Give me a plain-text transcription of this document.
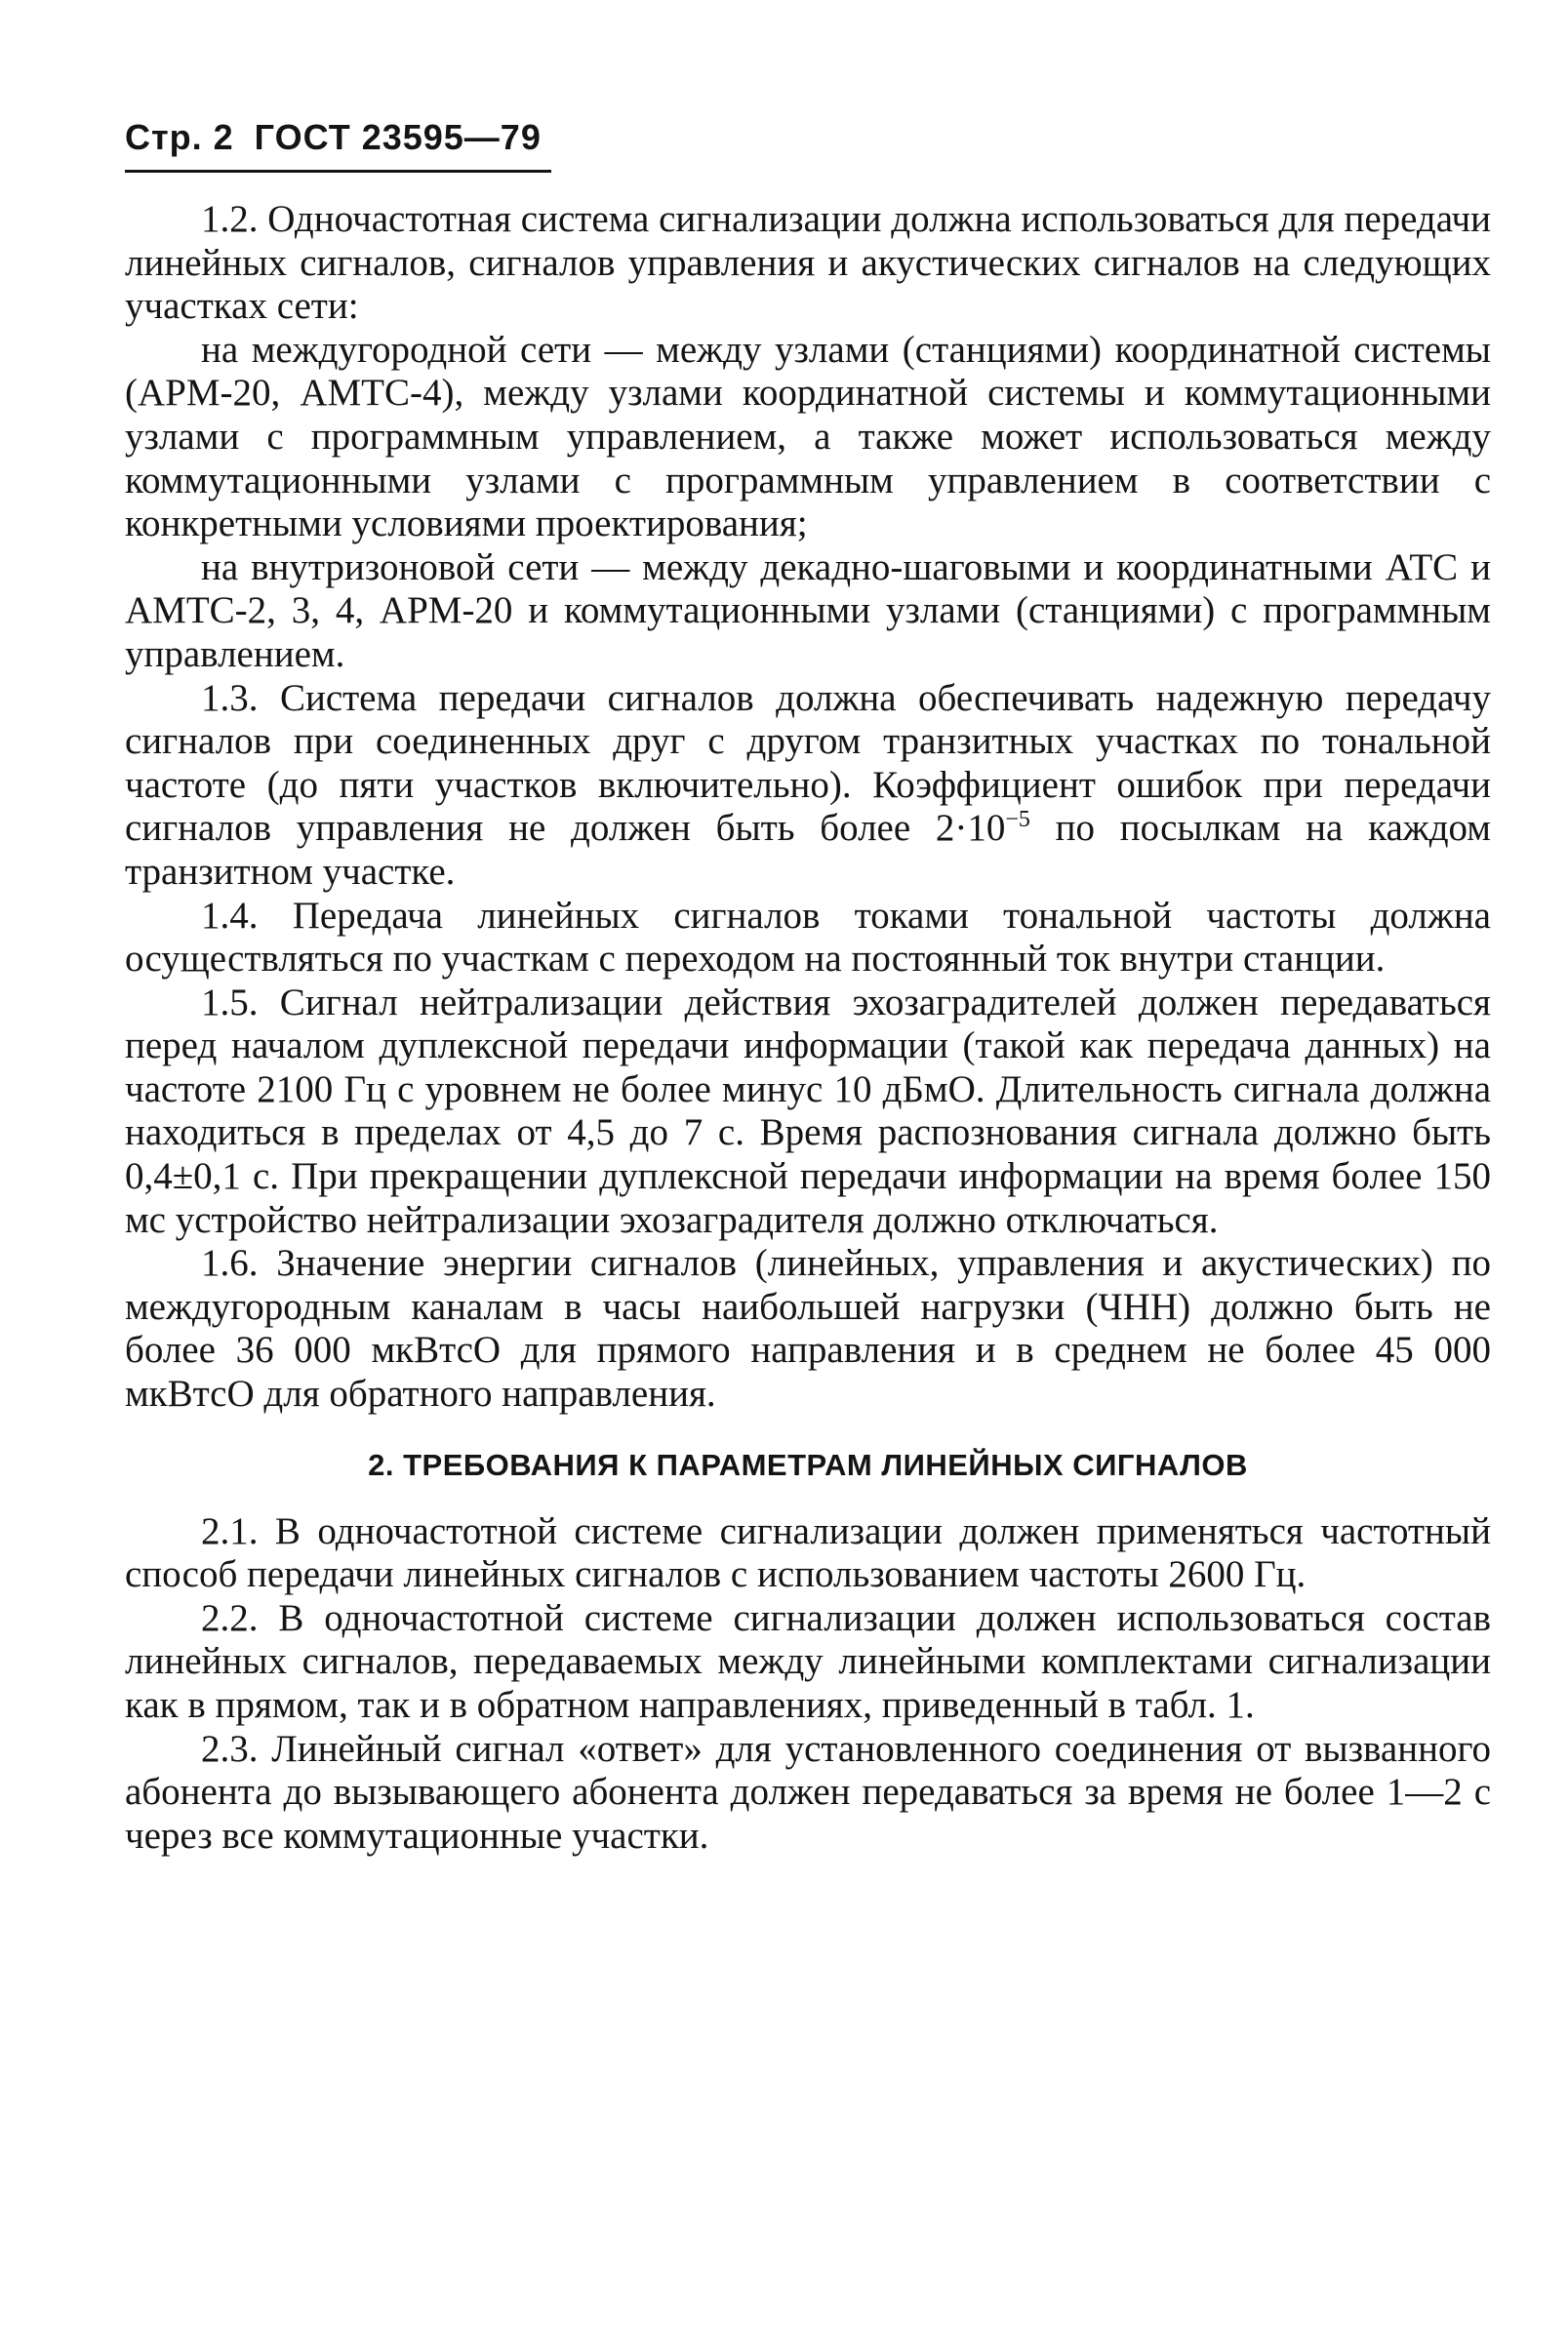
Стр. 2 ГОСТ 23595—79

1.2. Одночастотная система сигнализации должна использоваться для передачи линейных сигналов, сигналов управления и акустических сигналов на следующих участках сети:

на междугородной сети — между узлами (станциями) координатной системы (АРМ-20, АМТС-4), между узлами координатной системы и коммутационными узлами с программным управлением, а также может использоваться между коммутационными узлами с программным управлением в соответствии с конкретными условиями проектирования;

на внутризоновой сети — между декадно-шаговыми и координатными АТС и АМТС-2, 3, 4, АРМ-20 и коммутационными узлами (станциями) с программным управлением.

1.3. Система передачи сигналов должна обеспечивать надежную передачу сигналов при соединенных друг с другом транзитных участках по тональной частоте (до пяти участков включительно). Коэффициент ошибок при передачи сигналов управления не должен быть более $2\cdot 10^{-5}$ по посылкам на каждом транзитном участке.

1.4. Передача линейных сигналов токами тональной частоты должна осуществляться по участкам с переходом на постоянный ток внутри станции.

1.5. Сигнал нейтрализации действия эхозаградителей должен передаваться перед началом дуплексной передачи информации (такой как передача данных) на частоте 2100 Гц с уровнем не более минус 10 дБмО. Длительность сигнала должна находиться в пределах от 4,5 до 7 с. Время распознования сигнала должно быть 0,4±0,1 с. При прекращении дуплексной передачи информации на время более 150 мс устройство нейтрализации эхозаградителя должно отключаться.

1.6. Значение энергии сигналов (линейных, управления и акустических) по междугородным каналам в часы наибольшей нагрузки (ЧНН) должно быть не более 36 000 мкВтсО для прямого направления и в среднем не более 45 000 мкВтсО для обратного направления.

2. ТРЕБОВАНИЯ К ПАРАМЕТРАМ ЛИНЕЙНЫХ СИГНАЛОВ

2.1. В одночастотной системе сигнализации должен применяться частотный способ передачи линейных сигналов с использованием частоты 2600 Гц.

2.2. В одночастотной системе сигнализации должен использоваться состав линейных сигналов, передаваемых между линейными комплектами сигнализации как в прямом, так и в обратном направлениях, приведенный в табл. 1.

2.3. Линейный сигнал «ответ» для установленного соединения от вызванного абонента до вызывающего абонента должен передаваться за время не более 1—2 с через все коммутационные участки.
